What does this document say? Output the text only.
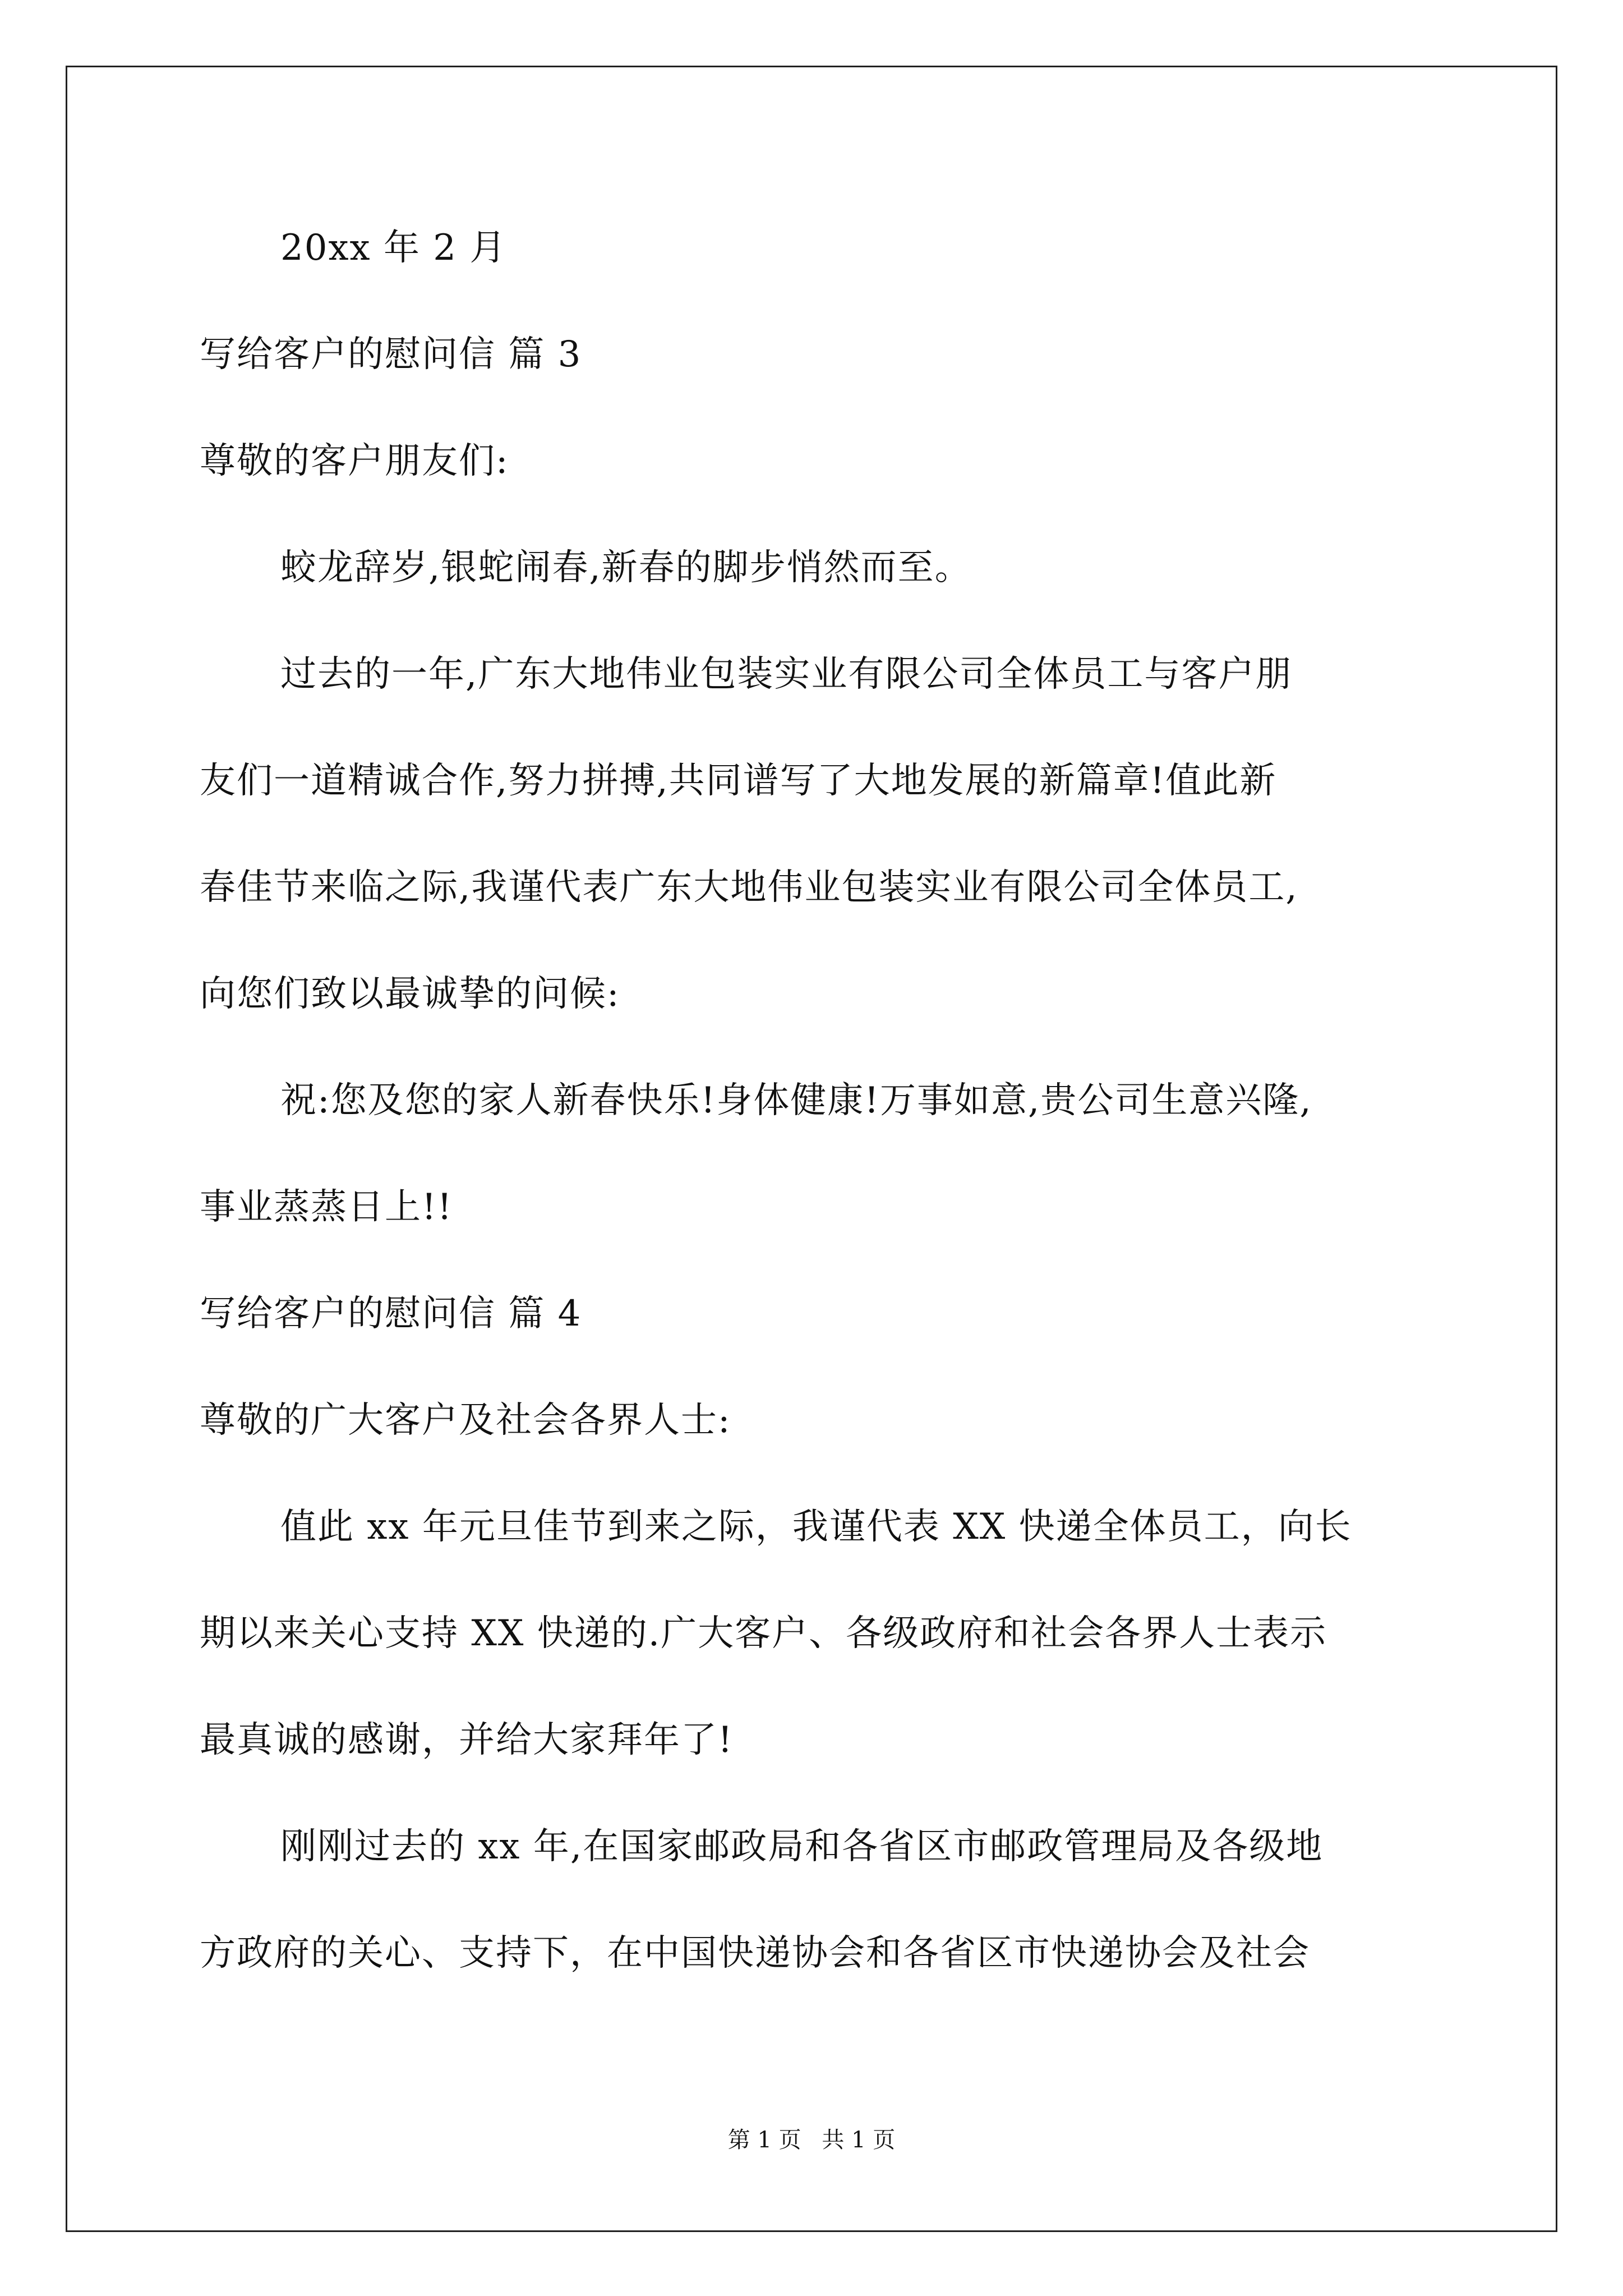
20xx 年 2 月
写给客户的慰问信 篇 3
尊敬的客户朋友们:
蛟龙辞岁,银蛇闹春,新春的脚步悄然而至。
过去的一年,广东大地伟业包装实业有限公司全体员工与客户朋
友们一道精诚合作,努力拼搏,共同谱写了大地发展的新篇章!值此新
春佳节来临之际,我谨代表广东大地伟业包装实业有限公司全体员工,
向您们致以最诚挚的问候:
祝:您及您的家人新春快乐!身体健康!万事如意,贵公司生意兴隆,
事业蒸蒸日上!!
写给客户的慰问信 篇 4
尊敬的广大客户及社会各界人士:
值此 xx 年元旦佳节到来之际，我谨代表 XX 快递全体员工，向长
期以来关心支持 XX 快递的.广大客户、各级政府和社会各界人士表示
最真诚的感谢，并给大家拜年了!
刚刚过去的 xx 年,在国家邮政局和各省区市邮政管理局及各级地
方政府的关心、支持下，在中国快递协会和各省区市快递协会及社会
第 1 页 共 1 页
